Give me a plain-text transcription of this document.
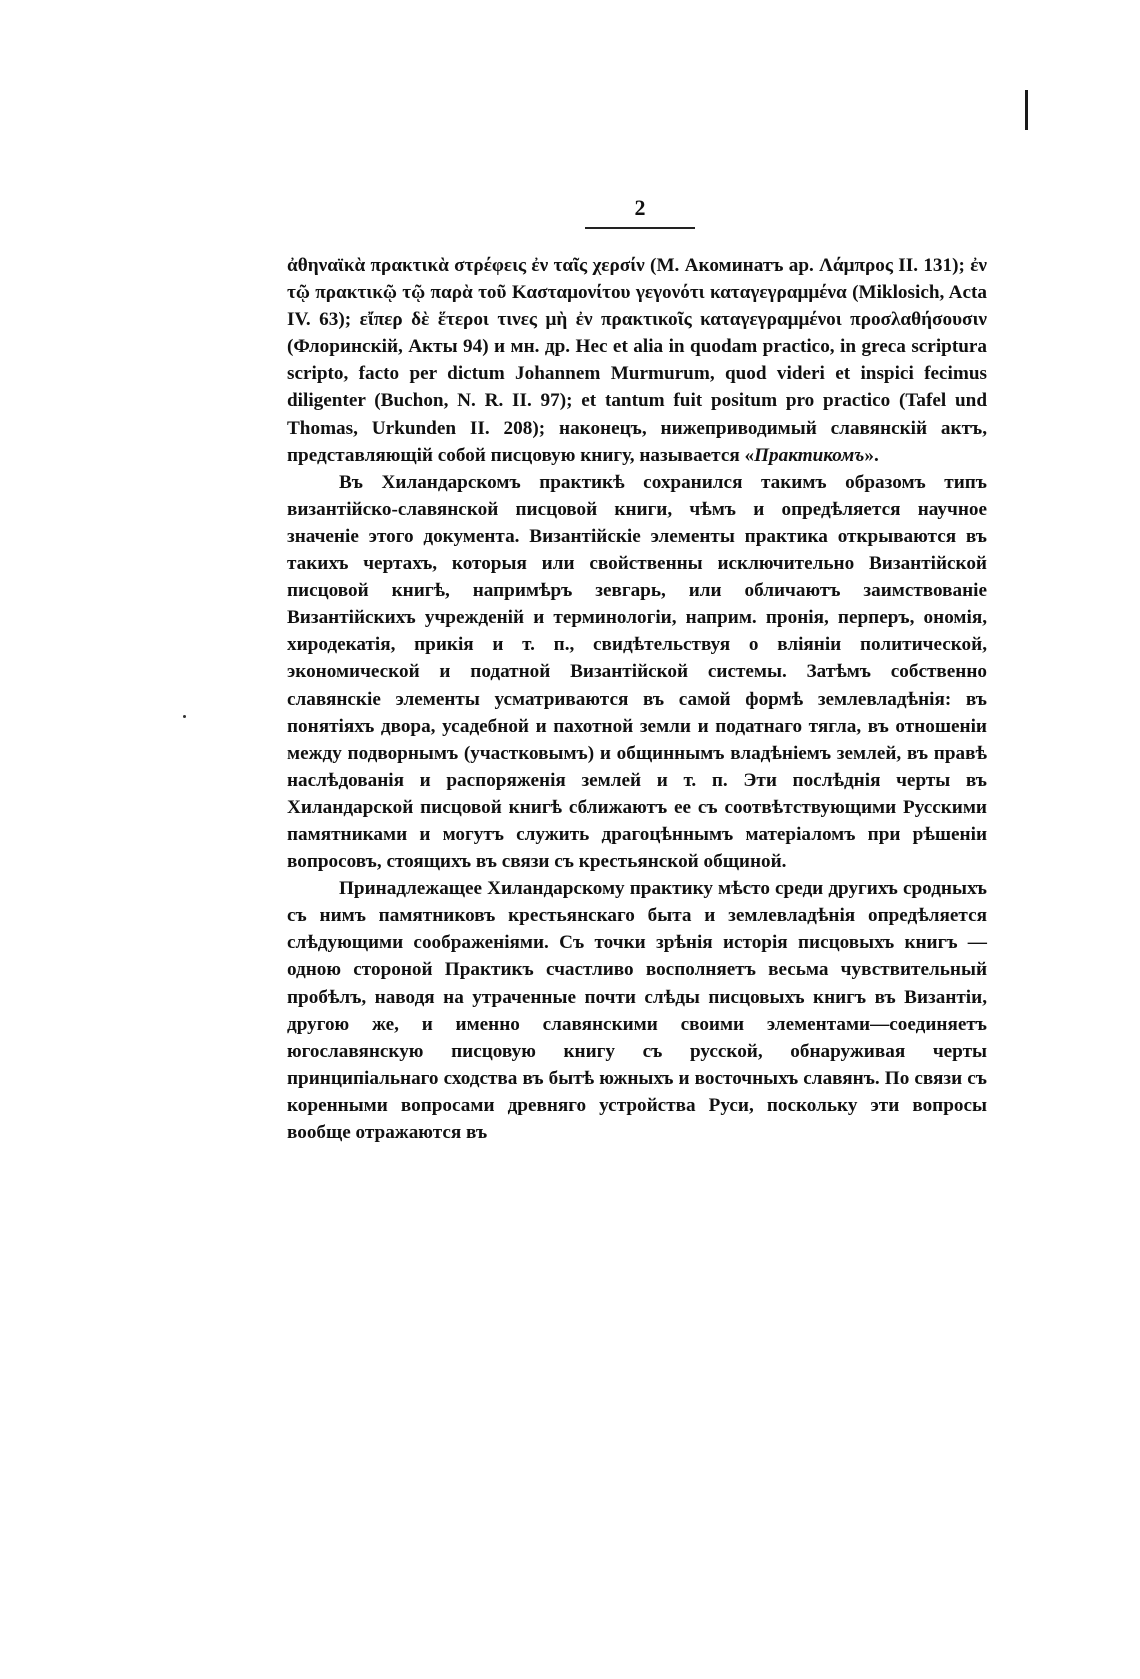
2

ἀθηναϊκὰ πρακτικὰ στρέφεις ἐν ταῖς χερσίν (М. Акоминатъ ар. Λάμπρος II. 131); ἐν τῷ πρακτικῷ τῷ παρὰ τοῦ Κασταμονίτου γεγονότι καταγεγραμμένα (Miklosich, Acta IV. 63); εἴπερ δὲ ἕτεροι τινες μὴ ἐν πρακτικοῖς καταγεγραμμένοι προσλαθήσουσιν (Флоринскій, Акты 94) и мн. др. Hec et alia in quodam practico, in greca scriptura scripto, facto per dictum Johannem Murmurum, quod videri et inspici fecimus diligenter (Buchon, N. R. II. 97); et tantum fuit positum pro practico (Tafel und Thomas, Urkunden II. 208); наконецъ, нижеприводимый славянскій актъ, представляющій собой писцовую книгу, называется «Практикомъ».

Въ Хиландарскомъ практикѣ сохранился такимъ образомъ типъ византійско-славянской писцовой книги, чѣмъ и опредѣляется научное значеніе этого документа. Византійскіе элементы практика открываются въ такихъ чертахъ, которыя или свойственны исключительно Византійской писцовой книгѣ, напримѣръ зевгарь, или обличаютъ заимствованіе Византійскихъ учрежденій и терминологіи, наприм. пронія, перперъ, ономія, хиродекатія, прикія и т. п., свидѣтельствуя о вліяніи политической, экономической и податной Византійской системы. Затѣмъ собственно славянскіе элементы усматриваются въ самой формѣ землевладѣнія: въ понятіяхъ двора, усадебной и пахотной земли и податнаго тягла, въ отношеніи между подворнымъ (участковымъ) и общиннымъ владѣніемъ землей, въ правѣ наслѣдованія и распоряженія землей и т. п. Эти послѣднія черты въ Хиландарской писцовой книгѣ сближаютъ ее съ соотвѣтствующими Русскими памятниками и могутъ служить драгоцѣннымъ матеріаломъ при рѣшеніи вопросовъ, стоящихъ въ связи съ крестьянской общиной.

Принадлежащее Хиландарскому практику мѣсто среди другихъ сродныхъ съ нимъ памятниковъ крестьянскаго быта и землевладѣнія опредѣляется слѣдующими соображеніями. Съ точки зрѣнія исторія писцовыхъ книгъ — одною стороной Практикъ счастливо восполняетъ весьма чувствительный пробѣлъ, наводя на утраченные почти слѣды писцовыхъ книгъ въ Византіи, другою же, и именно славянскими своими элементами—соединяетъ югославянскую писцовую книгу съ русской, обнаруживая черты принципіальнаго сходства въ бытѣ южныхъ и восточныхъ славянъ. По связи съ коренными вопросами древняго устройства Руси, поскольку эти вопросы вообще отражаются въ
